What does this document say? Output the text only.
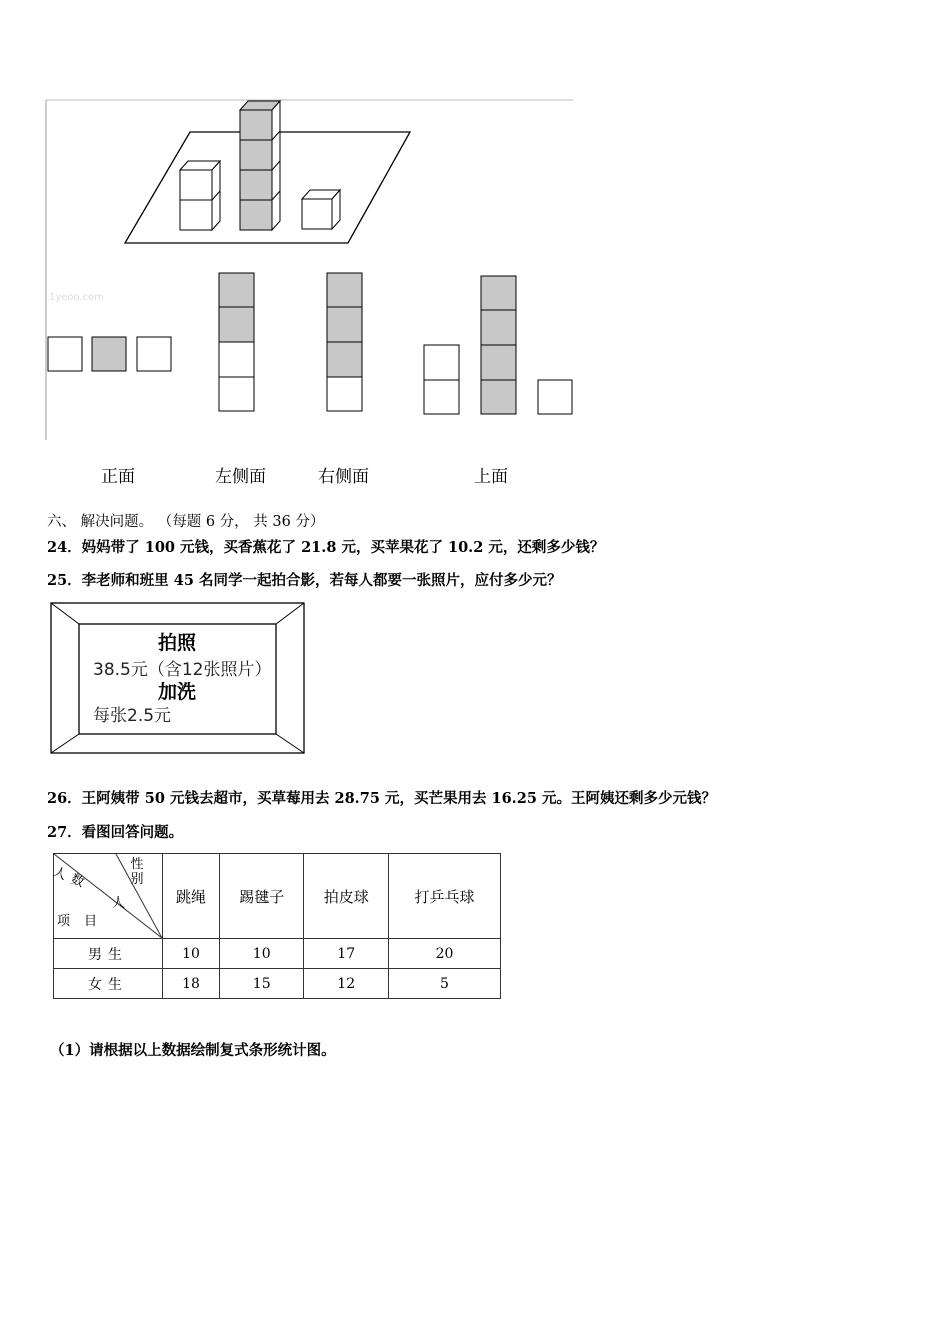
1yeoo.com
正面	左侧面	右侧面	上面
六、 解决问题。 （每题 6 分， 共 36 分）
24．妈妈带了 100 元钱，买香蕉花了 21.8 元，买苹果花了 10.2 元，还剩多少钱？
25．李老师和班里 45 名同学一起拍合影，若每人都要一张照片，应付多少元？
拍照
38.5元（含12张照片）
加洗
每张2.5元
26．王阿姨带 50 元钱去超市，买草莓用去 28.75 元，买芒果用去 16.25 元。王阿姨还剩多少元钱？
27．看图回答问题。
性别
人数
人
项目	跳绳	踢毽子	拍皮球	打乒乓球
男生	10	10	17	20
女生	18	15	12	5
（1）请根据以上数据绘制复式条形统计图。
